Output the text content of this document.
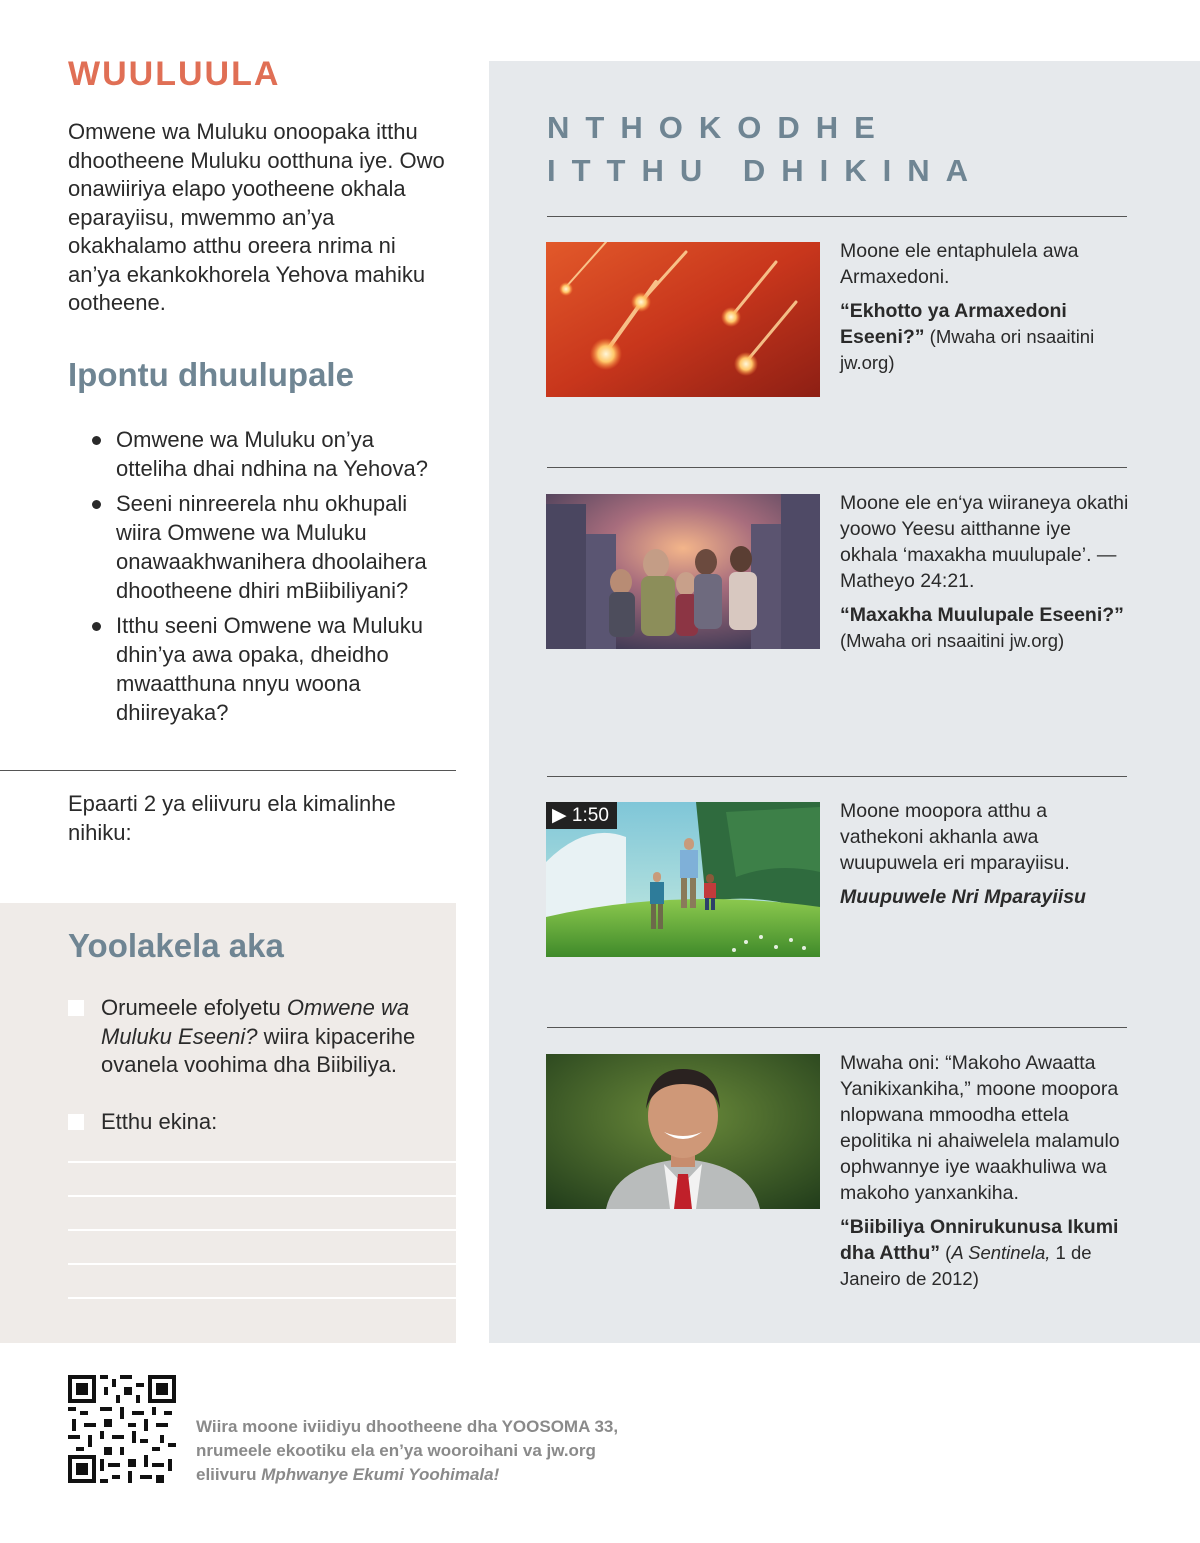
WUULUULA
Omwene wa Muluku onoopaka itthu dhootheene Muluku ootthuna iye. Owo onawiiriya elapo yootheene okhala eparayiisu, mwemmo an’ya okakhalamo atthu oreera nrima ni an’ya ekankokhorela Yehova mahiku ootheene.
Ipontu dhuulupale
Omwene wa Muluku on’ya otteliha dhai ndhina na Yehova?
Seeni ninreerela nhu okhupali wiira Omwene wa Muluku onawaakhwanihera dhoolaihera dhootheene dhiri mBiibiliyani?
Itthu seeni Omwene wa Muluku dhin’ya awa opaka, dheidho mwaatthuna nnyu woona dhiireyaka?
Epaarti 2 ya eliivuru ela kimalinhe nihiku:
Yoolakela aka
Orumeele efolyetu Omwene wa Muluku Eseeni? wiira kipacerihe ovanela voohima dha Biibiliya.
Etthu ekina:
NTHOKODHE
ITTHU DHIKINA

Moone ele entaphulela awa Armaxedoni.

“Ekhotto ya Armaxedoni Eseeni?” (Mwaha ori nsaaitini jw.org)

Moone ele en‘ya wiiraneya okathi yoowo Yeesu aitthanne iye okhala ‘maxakha muulupale’. —Matheyo 24:21.

“Maxakha Muulupale Eseeni?” (Mwaha ori nsaaitini jw.org)

▶ 1:50	Moone moopora atthu a vathekoni akhanla awa wuupuwela eri mparayiisu.

Muupuwele Nri Mparayiisu

Mwaha oni: “Makoho Awaatta Yanikixankiha,” moone moopora nlopwana mmoodha ettela epolitika ni ahaiwelela malamulo ophwannye iye waakhuliwa wa makoho yanxankiha.

“Biibiliya Onnirukunusa Ikumi dha Atthu” (A Sentinela, 1 de Janeiro de 2012)

Wiira moone iviidiyu dhootheene dha YOOSOMA 33, nrumeele ekootiku ela en’ya wooroihani va jw.org eliivuru Mphwanye Ekumi Yoohimala!
